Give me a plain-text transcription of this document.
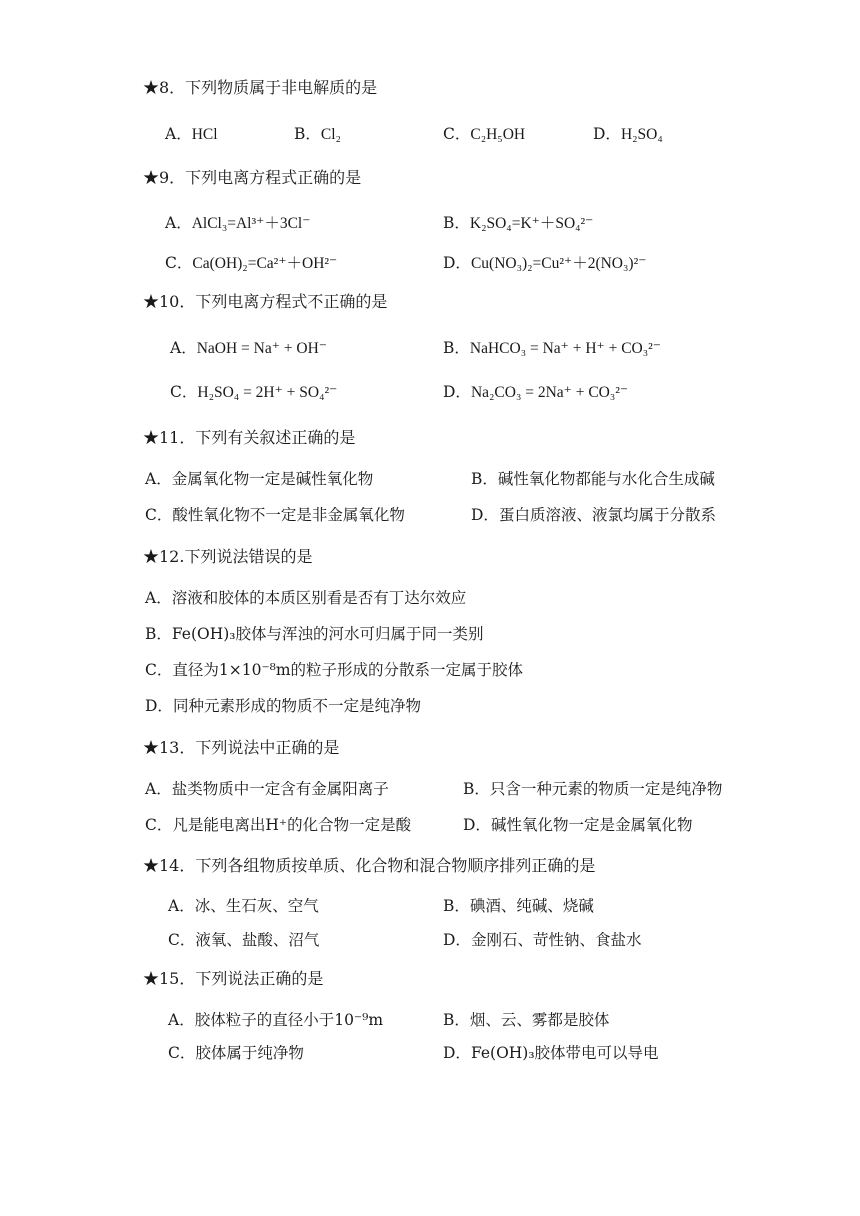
★8．下列物质属于非电解质的是
A．HCl	B．Cl₂	C．C₂H₅OH	D．H₂SO₄
★9．下列电离方程式正确的是
A．AlCl₃=Al³⁺＋3Cl⁻	B．K₂SO₄=K⁺＋SO₄²⁻
C．Ca(OH)₂=Ca²⁺＋OH²⁻	D．Cu(NO₃)₂=Cu²⁺＋2(NO₃)²⁻
★10．下列电离方程式不正确的是
A．NaOH = Na⁺ + OH⁻	B．NaHCO₃ = Na⁺ + H⁺ + CO₃²⁻
C．H₂SO₄ = 2H⁺ + SO₄²⁻	D．Na₂CO₃ = 2Na⁺ + CO₃²⁻
★11．下列有关叙述正确的是
A．金属氧化物一定是碱性氧化物	B．碱性氧化物都能与水化合生成碱
C．酸性氧化物不一定是非金属氧化物	D．蛋白质溶液、液氯均属于分散系
★12.下列说法错误的是
A．溶液和胶体的本质区别看是否有丁达尔效应
B．Fe(OH)₃胶体与浑浊的河水可归属于同一类别
C．直径为1×10⁻⁸m的粒子形成的分散系一定属于胶体
D．同种元素形成的物质不一定是纯净物
★13．下列说法中正确的是
A．盐类物质中一定含有金属阳离子	B．只含一种元素的物质一定是纯净物
C．凡是能电离出H⁺的化合物一定是酸	D．碱性氧化物一定是金属氧化物
★14．下列各组物质按单质、化合物和混合物顺序排列正确的是
A．冰、生石灰、空气	B．碘酒、纯碱、烧碱
C．液氧、盐酸、沼气	D．金刚石、苛性钠、食盐水
★15．下列说法正确的是
A．胶体粒子的直径小于10⁻⁹m	B．烟、云、雾都是胶体
C．胶体属于纯净物	D．Fe(OH)₃胶体带电可以导电
